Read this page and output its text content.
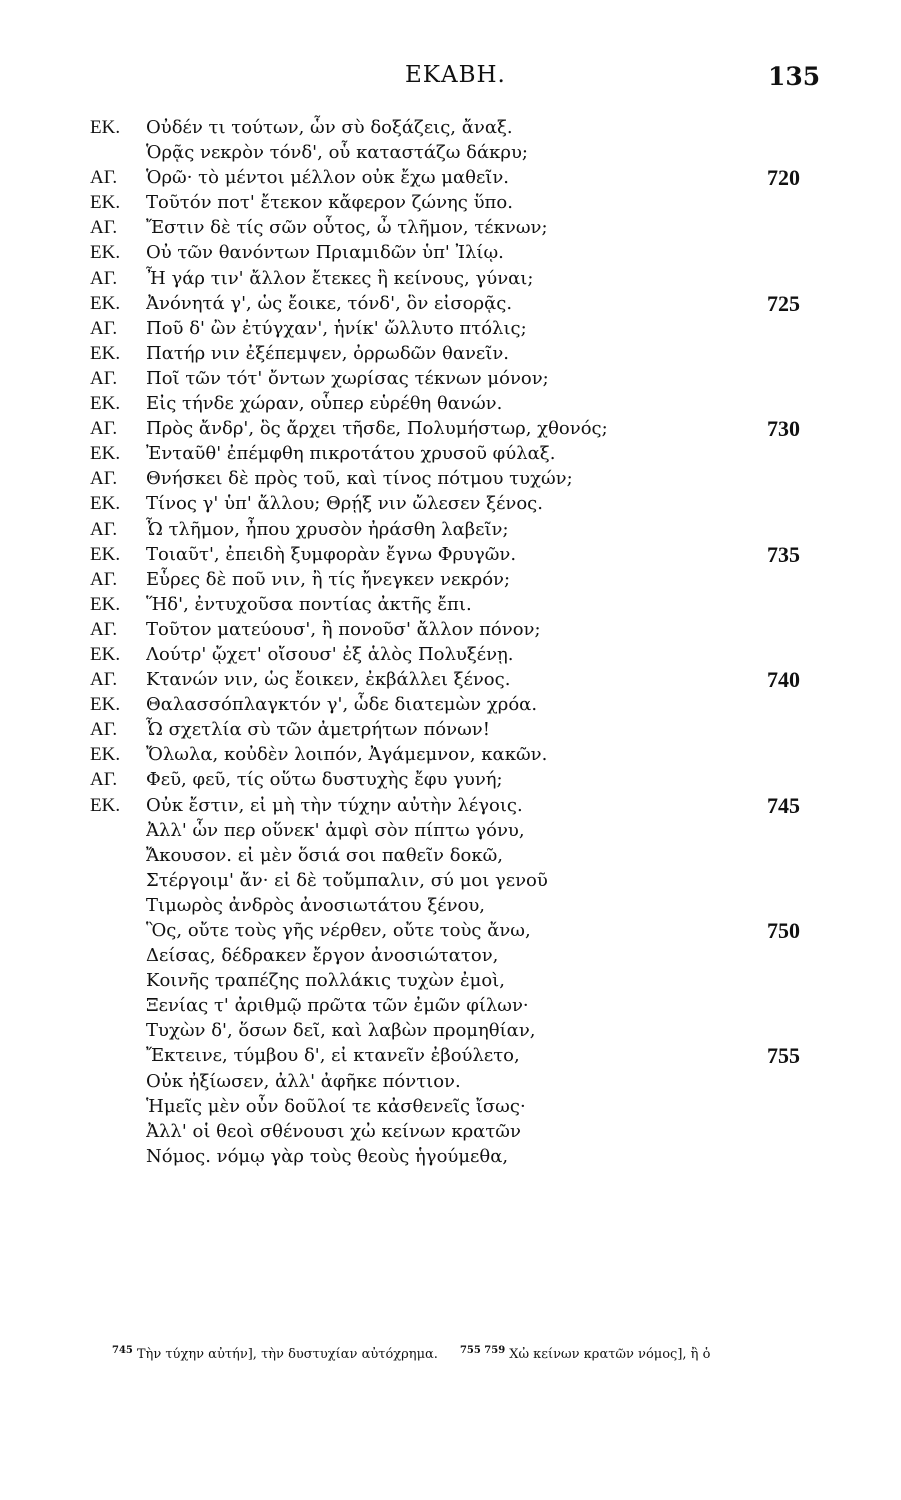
ΕΚΑΒΗ.	135
ΕΚ. Οὐδέν τι τούτων, ὧν σὺ δοξάζεις, ἄναξ.
Ὁρᾷς νεκρὸν τόνδ', οὗ καταστάζω δάκρυ;
ΑΓ. Ὁρῶ· τὸ μέντοι μέλλον οὐκ ἔχω μαθεῖν.	720
ΕΚ. Τοῦτόν ποτ' ἔτεκον κἄφερον ζώνης ὕπο.
ΑΓ. Ἔστιν δὲ τίς σῶν οὗτος, ὦ τλῆμον, τέκνων;
ΕΚ. Οὐ τῶν θανόντων Πριαμιδῶν ὑπ' Ἰλίῳ.
ΑΓ. Ἦ γάρ τιν' ἄλλον ἔτεκες ἢ κείνους, γύναι;
ΕΚ. Ἀνόνητά γ', ὡς ἔοικε, τόνδ', ὃν εἰσορᾷς.	725
ΑΓ. Ποῦ δ' ὢν ἐτύγχαν', ἡνίκ' ὤλλυτο πτόλις;
ΕΚ. Πατήρ νιν ἐξέπεμψεν, ὀρρωδῶν θανεῖν.
ΑΓ. Ποῖ τῶν τότ' ὄντων χωρίσας τέκνων μόνον;
ΕΚ. Εἰς τήνδε χώραν, οὗπερ εὑρέθη θανών.
ΑΓ. Πρὸς ἄνδρ', ὃς ἄρχει τῆσδε, Πολυμήστωρ, χθονός;	730
ΕΚ. Ἐνταῦθ' ἐπέμφθη πικροτάτου χρυσοῦ φύλαξ.
ΑΓ. Θνήσκει δὲ πρὸς τοῦ, καὶ τίνος πότμου τυχών;
ΕΚ. Τίνος γ' ὑπ' ἄλλου; Θρῄξ νιν ὤλεσεν ξένος.
ΑΓ. Ὦ τλῆμον, ἦπου χρυσὸν ἠράσθη λαβεῖν;
ΕΚ. Τοιαῦτ', ἐπειδὴ ξυμφορὰν ἔγνω Φρυγῶν.	735
ΑΓ. Εὗρες δὲ ποῦ νιν, ἢ τίς ἤνεγκεν νεκρόν;
ΕΚ. Ἥδ', ἐντυχοῦσα ποντίας ἀκτῆς ἔπι.
ΑΓ. Τοῦτον ματεύουσ', ἢ πονοῦσ' ἄλλον πόνον;
ΕΚ. Λούτρ' ᾤχετ' οἴσουσ' ἐξ ἁλὸς Πολυξένῃ.
ΑΓ. Κτανών νιν, ὡς ἔοικεν, ἐκβάλλει ξένος.	740
ΕΚ. Θαλασσόπλαγκτόν γ', ὧδε διατεμὼν χρόα.
ΑΓ. Ὦ σχετλία σὺ τῶν ἀμετρήτων πόνων!
ΕΚ. Ὄλωλα, κοὐδὲν λοιπόν, Ἀγάμεμνον, κακῶν.
ΑΓ. Φεῦ, φεῦ, τίς οὕτω δυστυχὴς ἔφυ γυνή;
ΕΚ. Οὐκ ἔστιν, εἰ μὴ τὴν τύχην αὐτὴν λέγοις.	745
Ἀλλ' ὧν περ οὕνεκ' ἀμφὶ σὸν πίπτω γόνυ,
Ἄκουσον. εἰ μὲν ὅσιά σοι παθεῖν δοκῶ,
Στέργοιμ' ἄν· εἰ δὲ τοὔμπαλιν, σύ μοι γενοῦ
Τιμωρὸς ἀνδρὸς ἀνοσιωτάτου ξένου,
Ὃς, οὔτε τοὺς γῆς νέρθεν, οὔτε τοὺς ἄνω,	750
Δείσας, δέδρακεν ἔργον ἀνοσιώτατον,
Κοινῆς τραπέζης πολλάκις τυχὼν ἐμοὶ,
Ξενίας τ' ἀριθμῷ πρῶτα τῶν ἐμῶν φίλων·
Τυχὼν δ', ὅσων δεῖ, καὶ λαβὼν προμηθίαν,
Ἔκτεινε, τύμβου δ', εἰ κτανεῖν ἐβούλετο,	755
Οὐκ ἠξίωσεν, ἀλλ' ἀφῆκε πόντιον.
Ἡμεῖς μὲν οὖν δοῦλοί τε κἀσθενεῖς ἴσως·
Ἀλλ' οἱ θεοὶ σθένουσι χὠ κείνων κρατῶν
Νόμος. νόμῳ γὰρ τοὺς θεοὺς ἡγούμεθα,
$^{745}$ Τὴν τύχην αὐτήν], τὴν δυστυχίαν αὐτόχρημα. $^{755 759}$ Χὠ κείνων κρατῶν νόμος], ἢ ὁ
